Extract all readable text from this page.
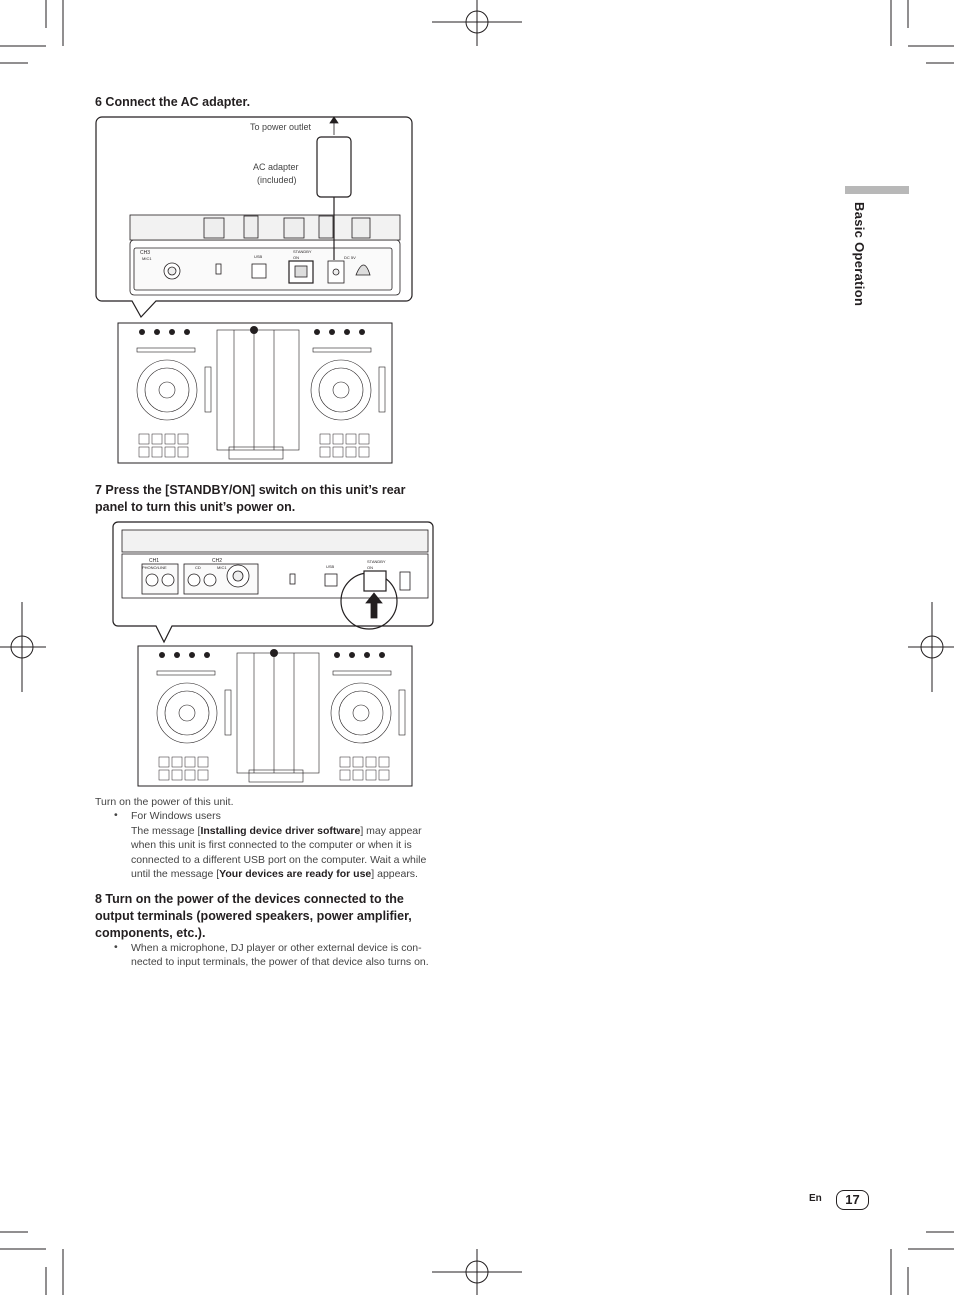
Basic Operation
6 Connect the AC adapter.
To power outlet
AC adapter
(included)
CH3
MIC1	USB
STANDBY
ON	DC 5V
7 Press the [STANDBY/ON] switch on this unit’s rear
panel to turn this unit’s power on.
CH1
PHONO/LINE
CH2
CD	MIC1	USB
STANDBY
ON
Turn on the power of this unit.
• For Windows users
The message [Installing device driver software] may appear
when this unit is first connected to the computer or when it is
connected to a different USB port on the computer. Wait a while
until the message [Your devices are ready for use] appears.
8 Turn on the power of the devices connected to the
output terminals (powered speakers, power amplifier,
components, etc.).
• When a microphone, DJ player or other external device is con-
nected to input terminals, the power of that device also turns on.
En	17
